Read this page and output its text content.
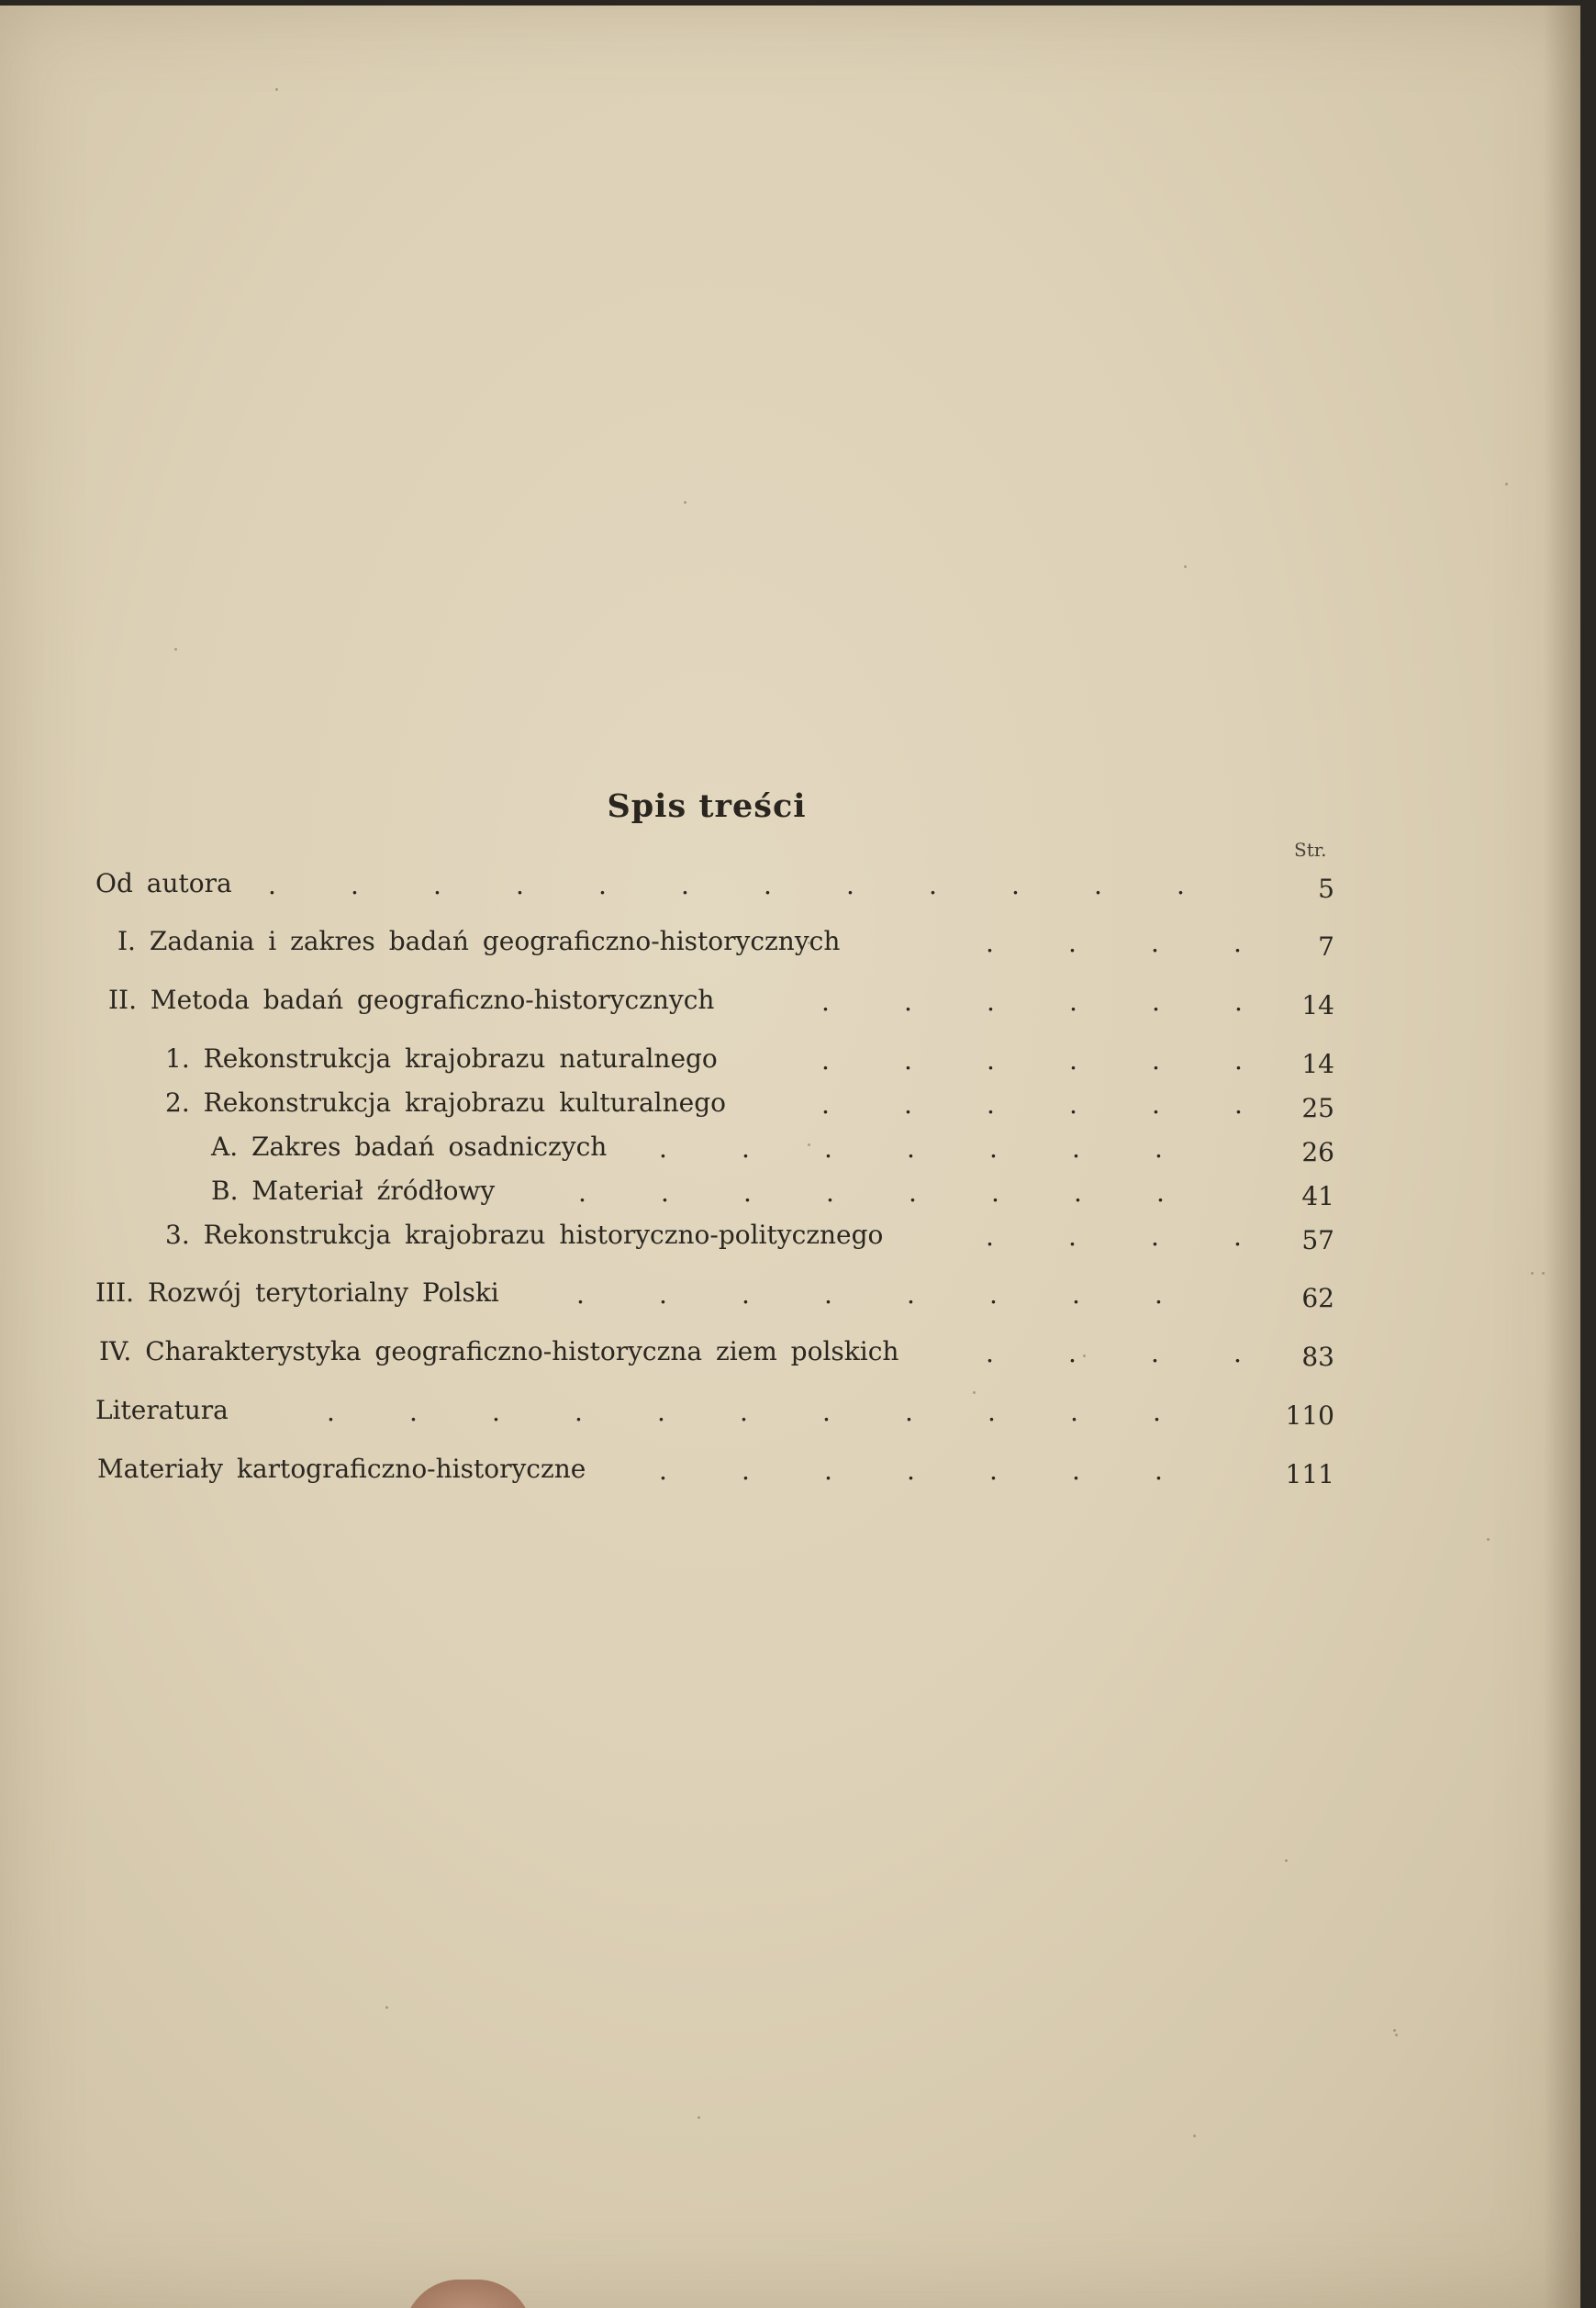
Spis treści
Str.
Od autora .	.	.	.	.	.	.	.	.	.	.	.	5
I. Zadania i zakres badań geograficzno-historycznych	.	.	.	.	7
II. Metoda badań geograficzno-historycznych	.	.	.	.	.	.	14
1. Rekonstrukcja krajobrazu naturalnego	.	.	.	.	.	.	14
2. Rekonstrukcja krajobrazu kulturalnego	.	.	.	.	.	.	25
A. Zakres badań osadniczych .	.	.	.	.	.	.	26
B. Materiał źródłowy	.	.	.	.	.	.	.	.	41
3. Rekonstrukcja krajobrazu historyczno-politycznego	.	.	.	.	57
III. Rozwój terytorialny Polski	.	.	.	.	.	.	.	.	62
IV. Charakterystyka geograficzno-historyczna ziem polskich	.	.	.	.	83
Literatura	.	.	.	.	.	.	.	.	.	.	.	110
Materiały kartograficzno-historyczne	.	.	.	.	.	.	.	111
